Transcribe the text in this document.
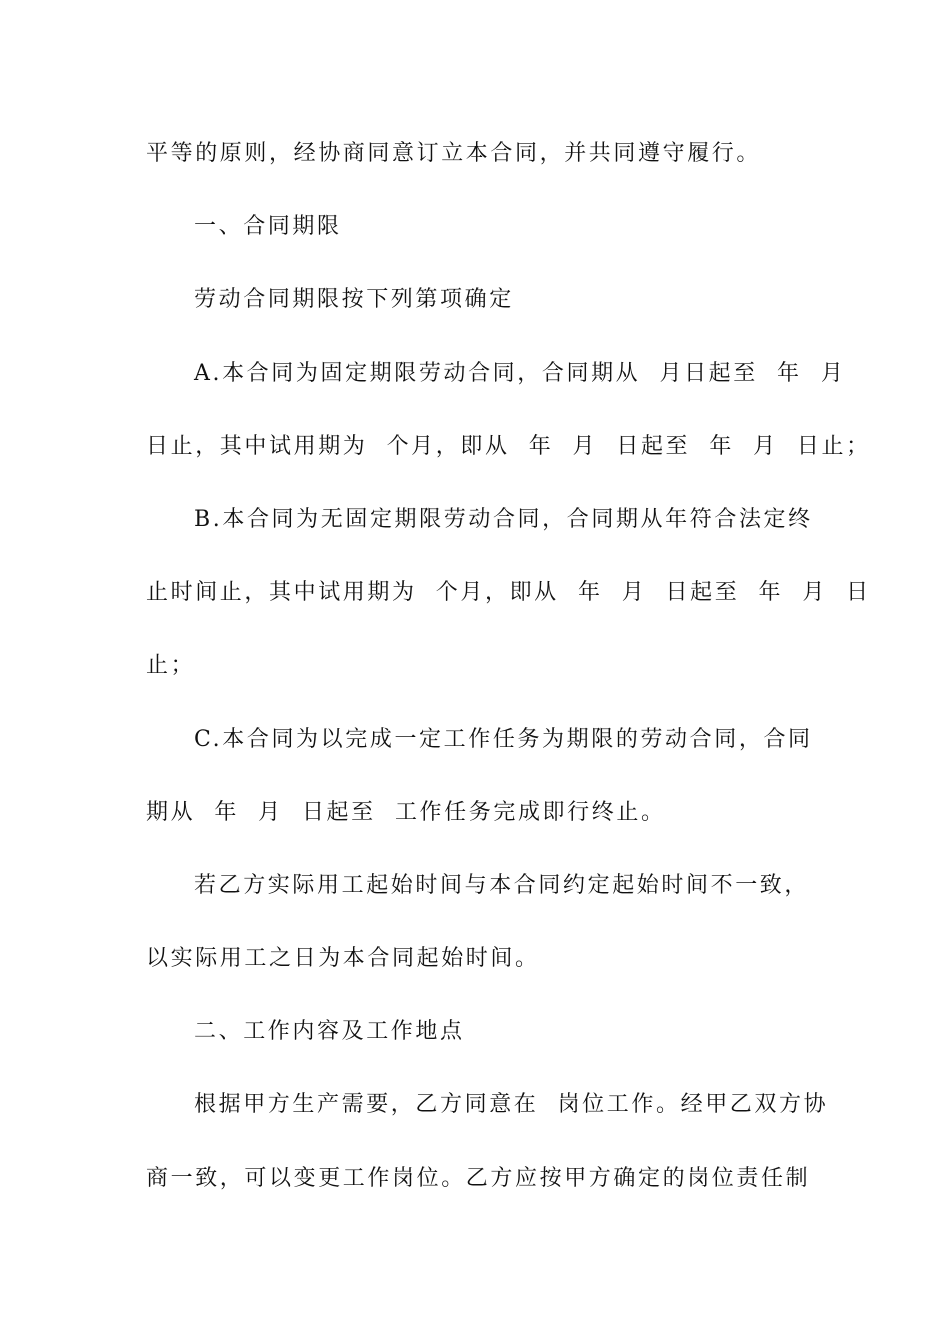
平等的原则，经协商同意订立本合同，并共同遵守履行。
一、合同期限
劳动合同期限按下列第项确定
A.本合同为固定期限劳动合同，合同期从  月日起至  年  月
日止，其中试用期为  个月，即从  年  月  日起至  年  月  日止；
B.本合同为无固定期限劳动合同，合同期从年符合法定终
止时间止，其中试用期为  个月，即从  年  月  日起至  年  月  日
止；
C.本合同为以完成一定工作任务为期限的劳动合同，合同
期从  年  月  日起至  工作任务完成即行终止。
若乙方实际用工起始时间与本合同约定起始时间不一致，
以实际用工之日为本合同起始时间。
二、工作内容及工作地点
根据甲方生产需要，乙方同意在  岗位工作。经甲乙双方协
商一致，可以变更工作岗位。乙方应按甲方确定的岗位责任制
